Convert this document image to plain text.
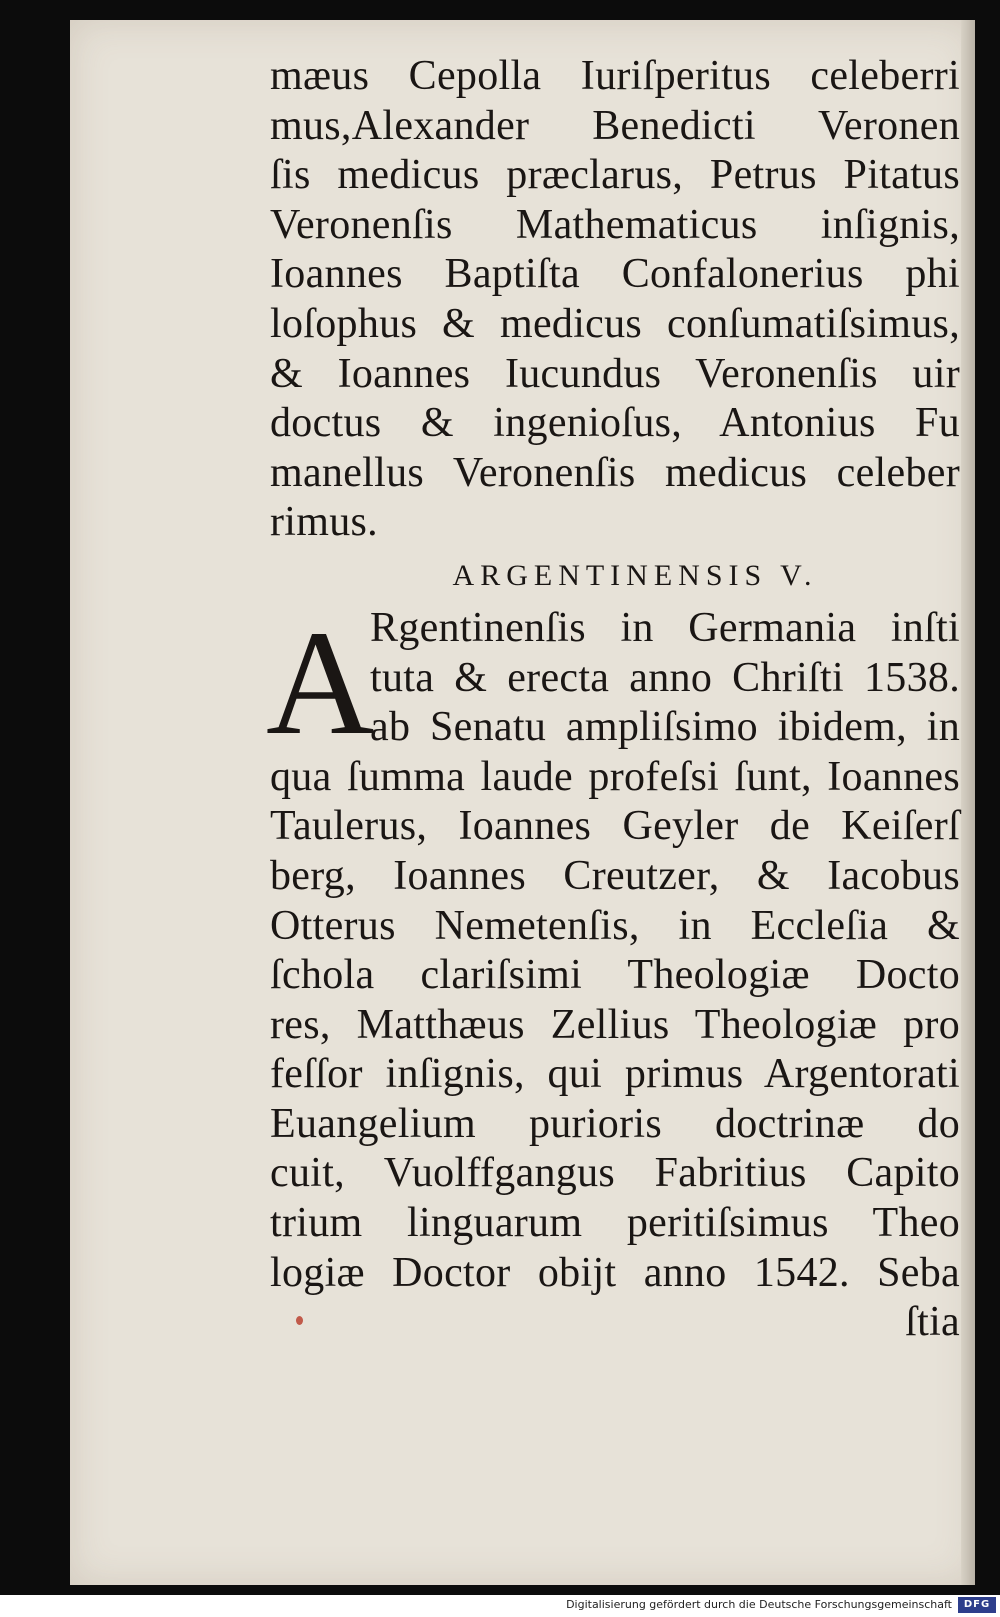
mæus Cepolla Iuriſperitus celeberri
mus,Alexander Benedicti Veronen
ſis medicus præclarus, Petrus Pitatus
Veronenſis Mathematicus inſignis,
Ioannes Baptiſta Confalonerius phi
loſophus & medicus conſumatiſsimus,
& Ioannes Iucundus Veronenſis uir
doctus & ingenioſus, Antonius Fu
manellus Veronenſis medicus celeber
rimus.
ARGENTINENSIS V.
A
Rgentinenſis in Germania inſti
tuta & erecta anno Chriſti 1538.
ab Senatu ampliſsimo ibidem, in
qua ſumma laude profeſsi ſunt, Ioannes
Taulerus, Ioannes Geyler de Keiſerſ
berg, Ioannes Creutzer, & Iacobus
Otterus Nemetenſis, in Eccleſia &
ſchola clariſsimi Theologiæ Docto
res, Matthæus Zellius Theologiæ pro
feſſor inſignis, qui primus Argentorati
Euangelium purioris doctrinæ do
cuit, Vuolffgangus Fabritius Capito
trium linguarum peritiſsimus Theo
logiæ Doctor obijt anno 1542. Seba
ſtia
Digitalisierung gefördert durch die Deutsche Forschungsgemeinschaft	DFG
